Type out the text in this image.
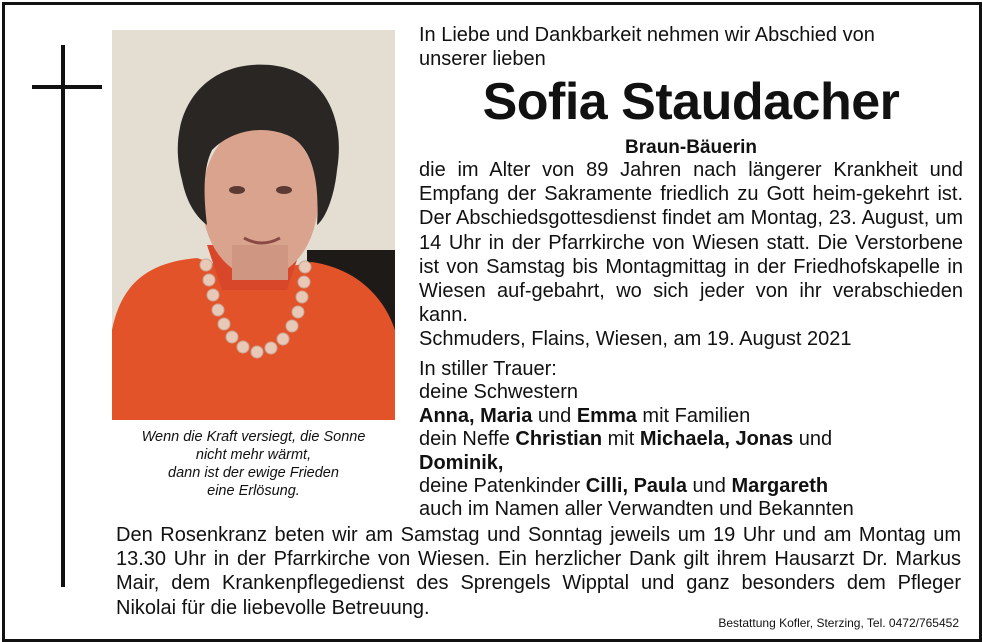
Wenn die Kraft versiegt, die Sonne
nicht mehr wärmt,
dann ist der ewige Frieden
eine Erlösung.
In Liebe und Dankbarkeit nehmen wir Abschied von
unserer lieben
Sofia Staudacher
Braun-Bäuerin
die im Alter von 89 Jahren nach längerer Krankheit und Empfang der Sakramente friedlich zu Gott heim-gekehrt ist. Der Abschiedsgottesdienst findet am Montag, 23. August, um 14 Uhr in der Pfarrkirche von Wiesen statt. Die Verstorbene ist von Samstag bis Montagmittag in der Friedhofskapelle in Wiesen auf-gebahrt, wo sich jeder von ihr verabschieden kann.
Schmuders, Flains, Wiesen, am 19. August 2021
In stiller Trauer:
deine Schwestern
Anna, Maria und Emma mit Familien
dein Neffe Christian mit Michaela, Jonas und
Dominik,
deine Patenkinder Cilli, Paula und Margareth
auch im Namen aller Verwandten und Bekannten
Den Rosenkranz beten wir am Samstag und Sonntag jeweils um 19 Uhr und am Montag um 13.30 Uhr in der Pfarrkirche von Wiesen. Ein herzlicher Dank gilt ihrem Hausarzt Dr. Markus Mair, dem Krankenpflegedienst des Sprengels Wipptal und ganz besonders dem Pfleger Nikolai für die liebevolle Betreuung.
Bestattung Kofler, Sterzing, Tel. 0472/765452
